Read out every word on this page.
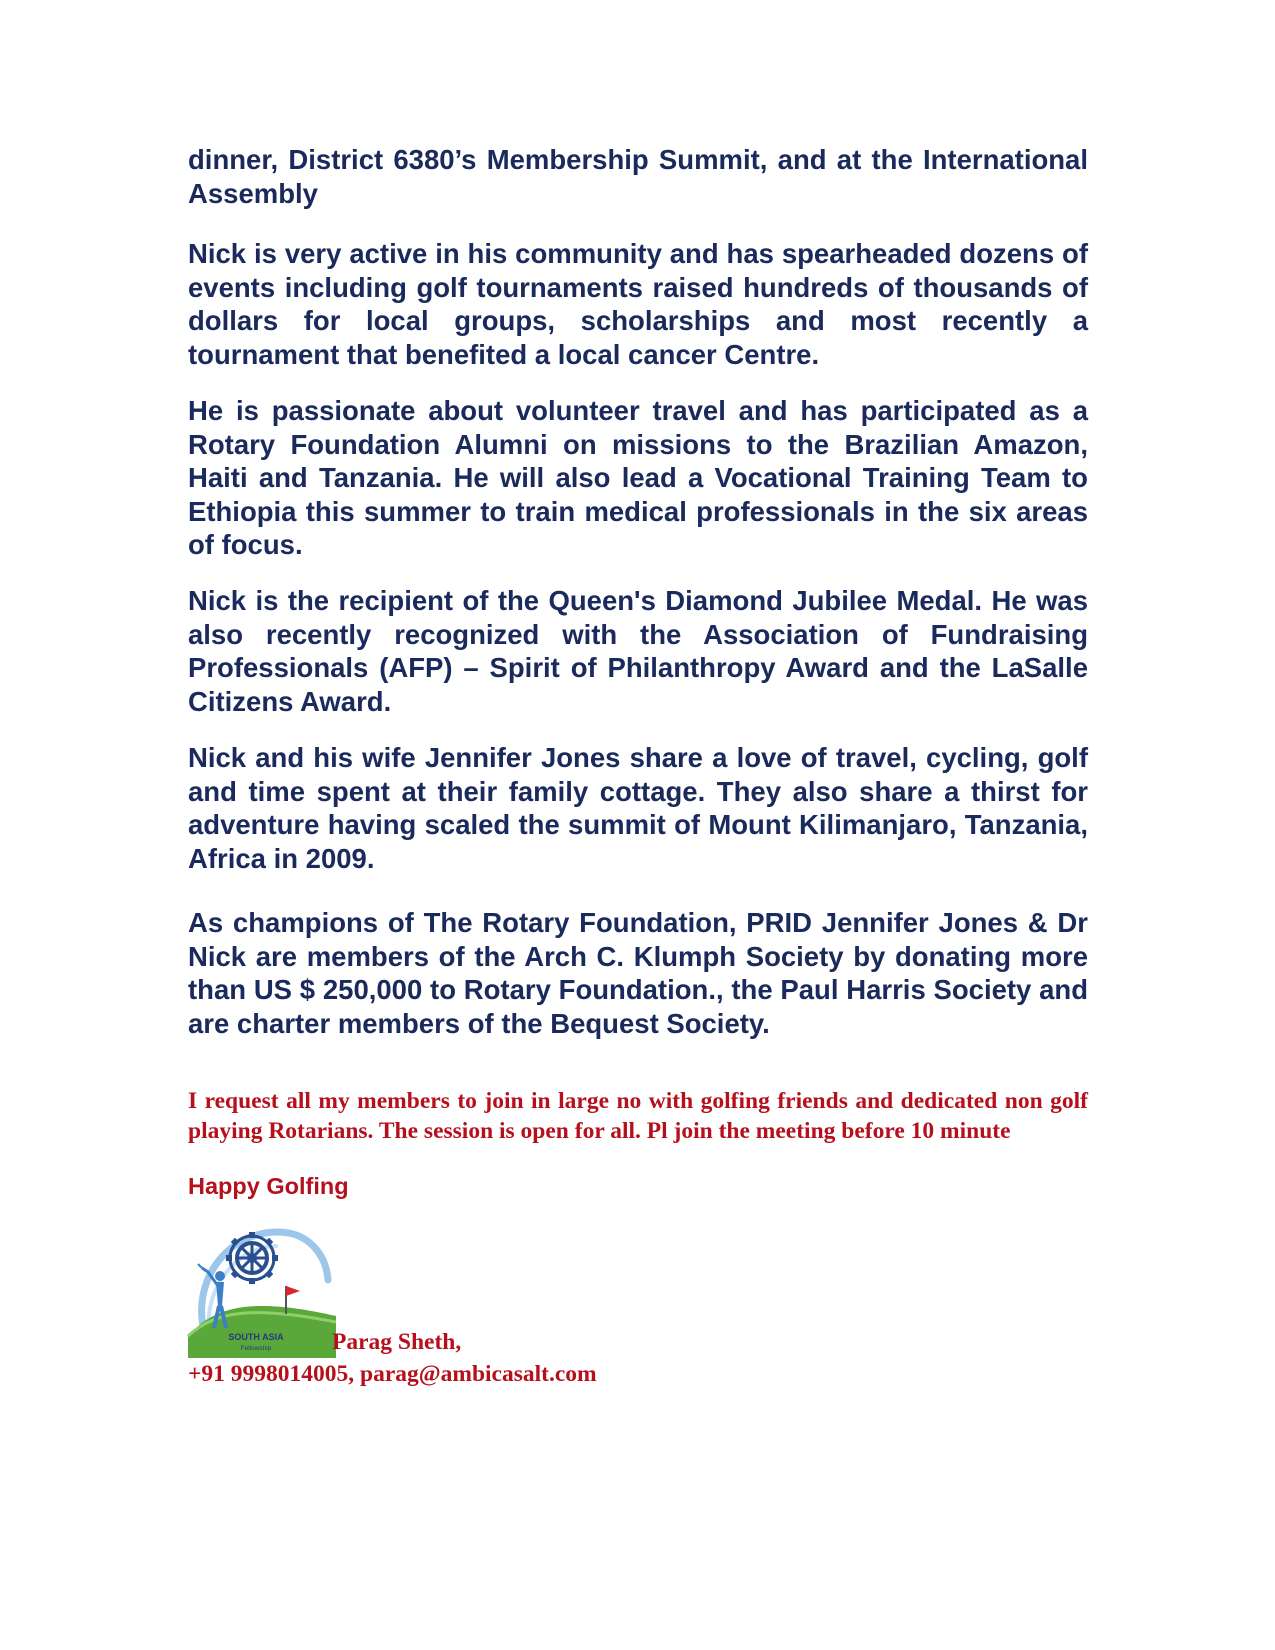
dinner, District 6380’s Membership Summit, and at the International Assembly

Nick is very active in his community and has spearheaded dozens of events including golf tournaments raised hundreds of thousands of dollars for local groups, scholarships and most recently a tournament that benefited a local cancer Centre.

He is passionate about volunteer travel and has participated as a Rotary Foundation Alumni on missions to the Brazilian Amazon, Haiti and Tanzania. He will also lead a Vocational Training Team to Ethiopia this summer to train medical professionals in the six areas of focus.

Nick is the recipient of the Queen's Diamond Jubilee Medal. He was also recently recognized with the Association of Fundraising Professionals (AFP) – Spirit of Philanthropy Award and the LaSalle Citizens Award.

Nick and his wife Jennifer Jones share a love of travel, cycling, golf and time spent at their family cottage. They also share a thirst for adventure having scaled the summit of Mount Kilimanjaro, Tanzania, Africa in 2009.

As champions of The Rotary Foundation, PRID Jennifer Jones & Dr Nick are members of the Arch C. Klumph Society by donating more than US $ 250,000 to Rotary Foundation., the Paul Harris Society and are charter members of the Bequest Society.

I request all my members to join in large no with golfing friends and dedicated non golf playing Rotarians. The session is open for all. Pl join the meeting before 10 minute

Happy Golfing

SOUTH ASIA
Fellowship	Parag Sheth,

+91 9998014005, parag@ambicasalt.com
